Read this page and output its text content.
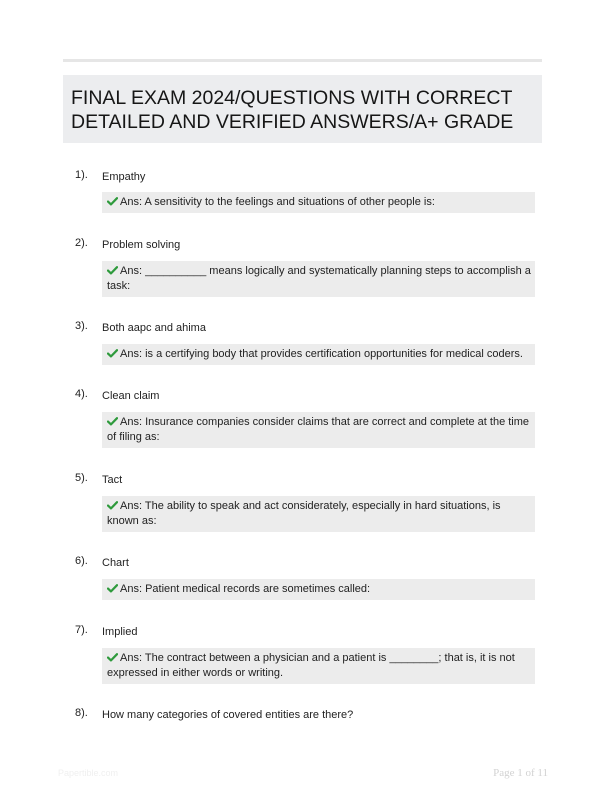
FINAL EXAM 2024/QUESTIONS WITH CORRECT
DETAILED AND VERIFIED ANSWERS/A+ GRADE
1). Empathy
Ans: A sensitivity to the feelings and situations of other people is:
2). Problem solving
Ans: __________ means logically and systematically planning steps to accomplish a task:
3). Both aapc and ahima
Ans: is a certifying body that provides certification opportunities for medical coders.
4). Clean claim
Ans: Insurance companies consider claims that are correct and complete at the time of filing as:
5). Tact
Ans: The ability to speak and act considerately, especially in hard situations, is known as:
6). Chart
Ans: Patient medical records are sometimes called:
7). Implied
Ans: The contract between a physician and a patient is ________; that is, it is not expressed in either words or writing.
8). How many categories of covered entities are there?
Papertible.com	Page 1 of 11
